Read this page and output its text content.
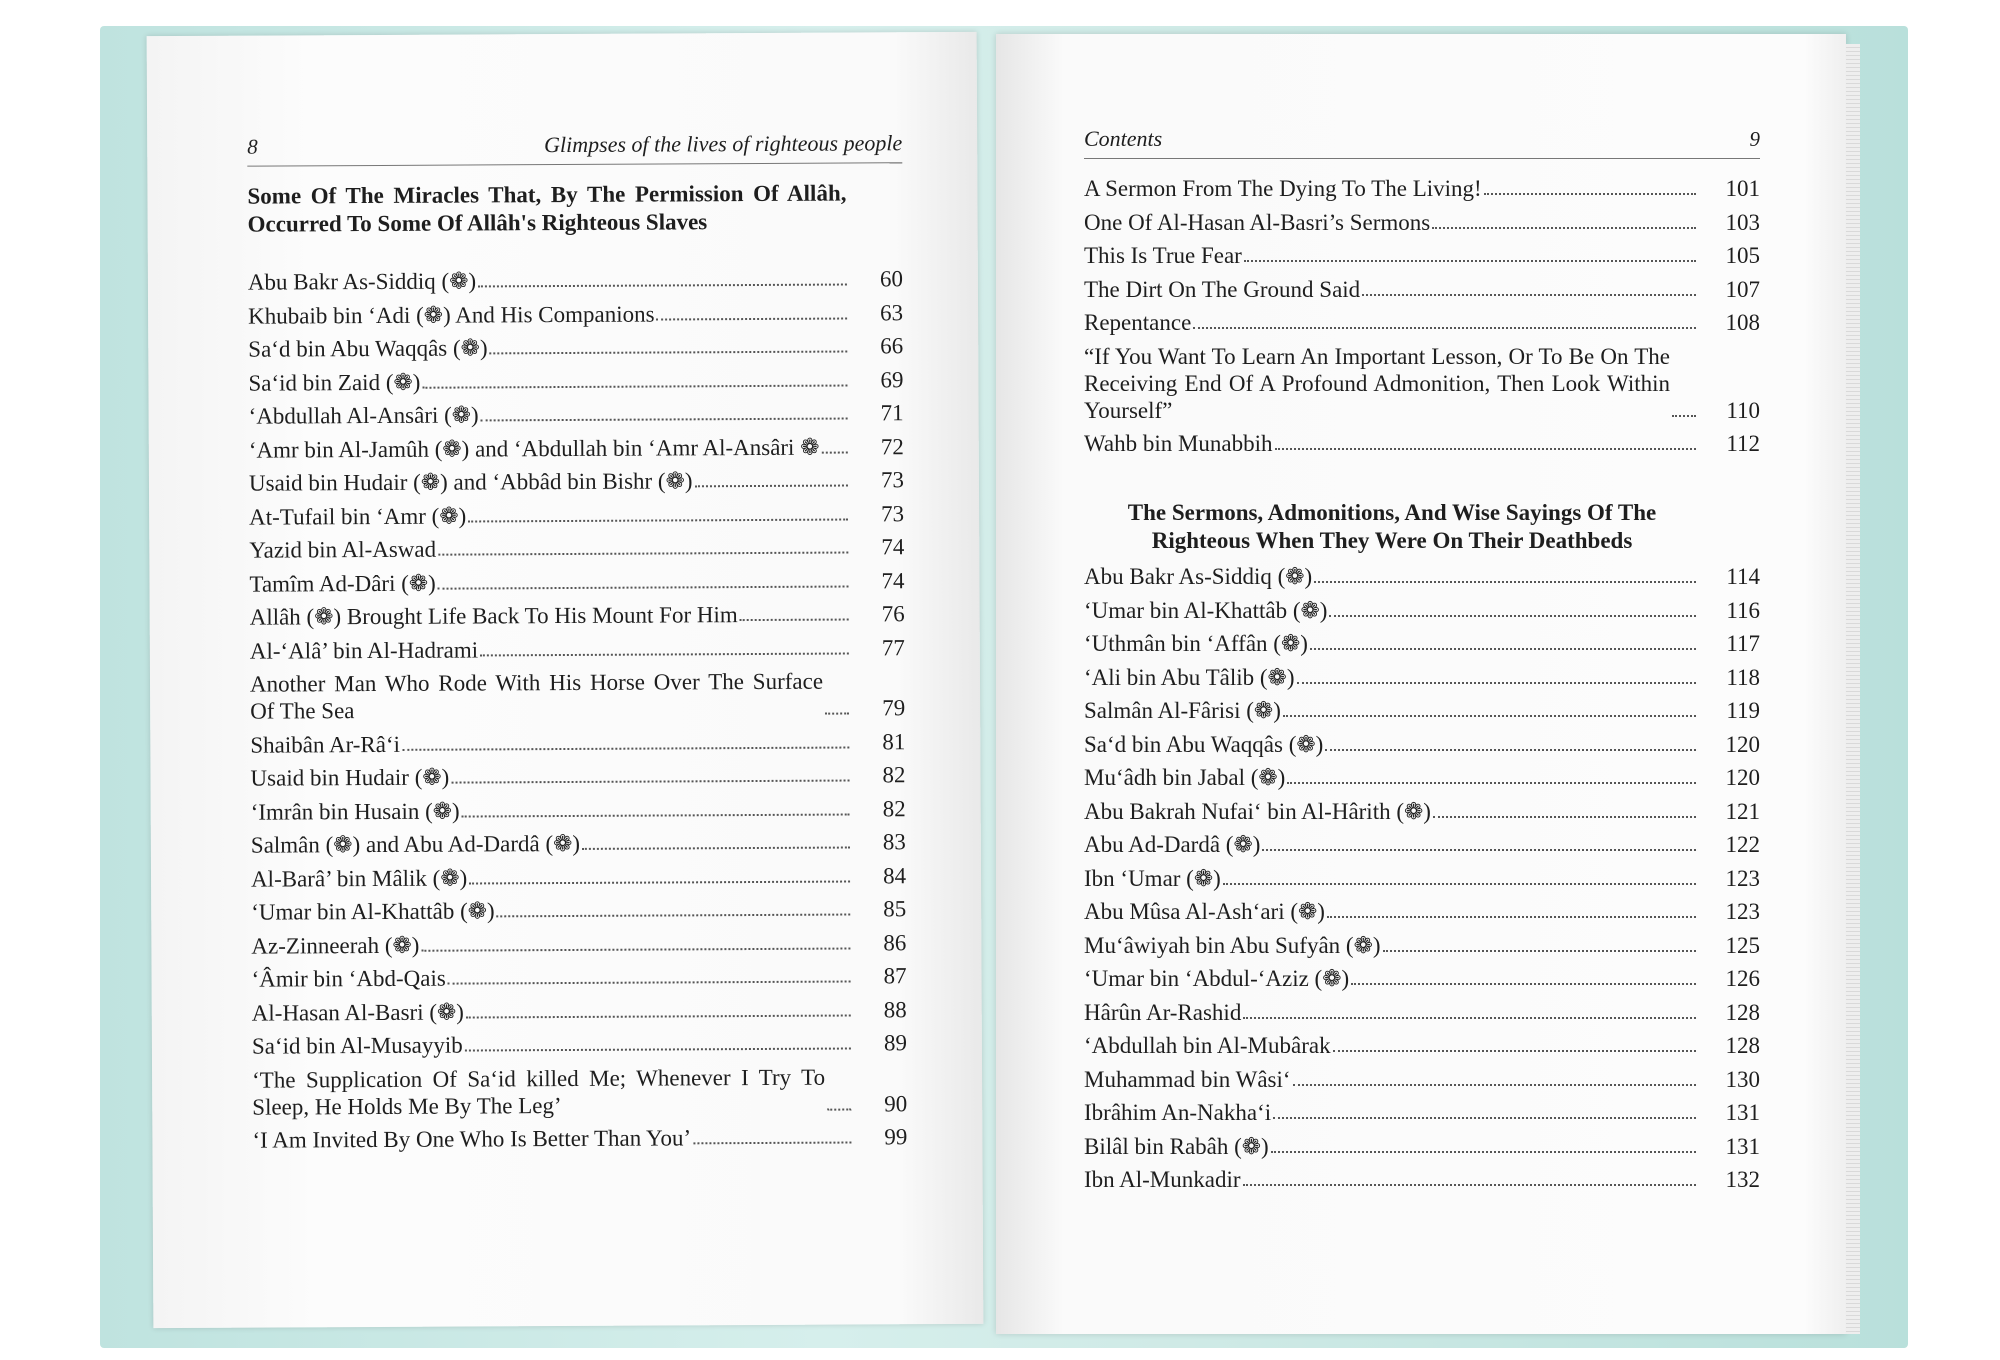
8	Glimpses of the lives of righteous people
Some Of The Miracles That, By The Permission Of Allâh, Occurred To Some Of Allâh's Righteous Slaves
Abu Bakr As-Siddiq (❁)	60
Khubaib bin ‘Adi (❁) And His Companions	63
Sa‘d bin Abu Waqqâs (❁)	66
Sa‘id bin Zaid (❁)	69
‘Abdullah Al-Ansâri (❁)	71
‘Amr bin Al-Jamûh (❁) and ‘Abdullah bin ‘Amr Al-Ansâri ❁	72
Usaid bin Hudair (❁) and ‘Abbâd bin Bishr (❁)	73
At-Tufail bin ‘Amr (❁)	73
Yazid bin Al-Aswad	74
Tamîm Ad-Dâri (❁)	74
Allâh (❁) Brought Life Back To His Mount For Him	76
Al-‘Alâ’ bin Al-Hadrami	77
Another Man Who Rode With His Horse Over The Surface Of The Sea	79
Shaibân Ar-Râ‘i	81
Usaid bin Hudair (❁)	82
‘Imrân bin Husain (❁)	82
Salmân (❁) and Abu Ad-Dardâ (❁)	83
Al-Barâ’ bin Mâlik (❁)	84
‘Umar bin Al-Khattâb (❁)	85
Az-Zinneerah (❁)	86
‘Âmir bin ‘Abd-Qais	87
Al-Hasan Al-Basri (❁)	88
Sa‘id bin Al-Musayyib	89
‘The Supplication Of Sa‘id killed Me; Whenever I Try To Sleep, He Holds Me By The Leg’	90
‘I Am Invited By One Who Is Better Than You’	99
Contents	9
A Sermon From The Dying To The Living!	101
One Of Al-Hasan Al-Basri’s Sermons	103
This Is True Fear	105
The Dirt On The Ground Said	107
Repentance	108
“If You Want To Learn An Important Lesson, Or To Be On The Receiving End Of A Profound Admonition, Then Look Within Yourself”	110
Wahb bin Munabbih	112
The Sermons, Admonitions, And Wise Sayings Of The Righteous When They Were On Their Deathbeds
Abu Bakr As-Siddiq (❁)	114
‘Umar bin Al-Khattâb (❁)	116
‘Uthmân bin ‘Affân (❁)	117
‘Ali bin Abu Tâlib (❁)	118
Salmân Al-Fârisi (❁)	119
Sa‘d bin Abu Waqqâs (❁)	120
Mu‘âdh bin Jabal (❁)	120
Abu Bakrah Nufai‘ bin Al-Hârith (❁)	121
Abu Ad-Dardâ (❁)	122
Ibn ‘Umar (❁)	123
Abu Mûsa Al-Ash‘ari (❁)	123
Mu‘âwiyah bin Abu Sufyân (❁)	125
‘Umar bin ‘Abdul-‘Aziz (❁)	126
Hârûn Ar-Rashid	128
‘Abdullah bin Al-Mubârak	128
Muhammad bin Wâsi‘	130
Ibrâhim An-Nakha‘i	131
Bilâl bin Rabâh (❁)	131
Ibn Al-Munkadir	132
